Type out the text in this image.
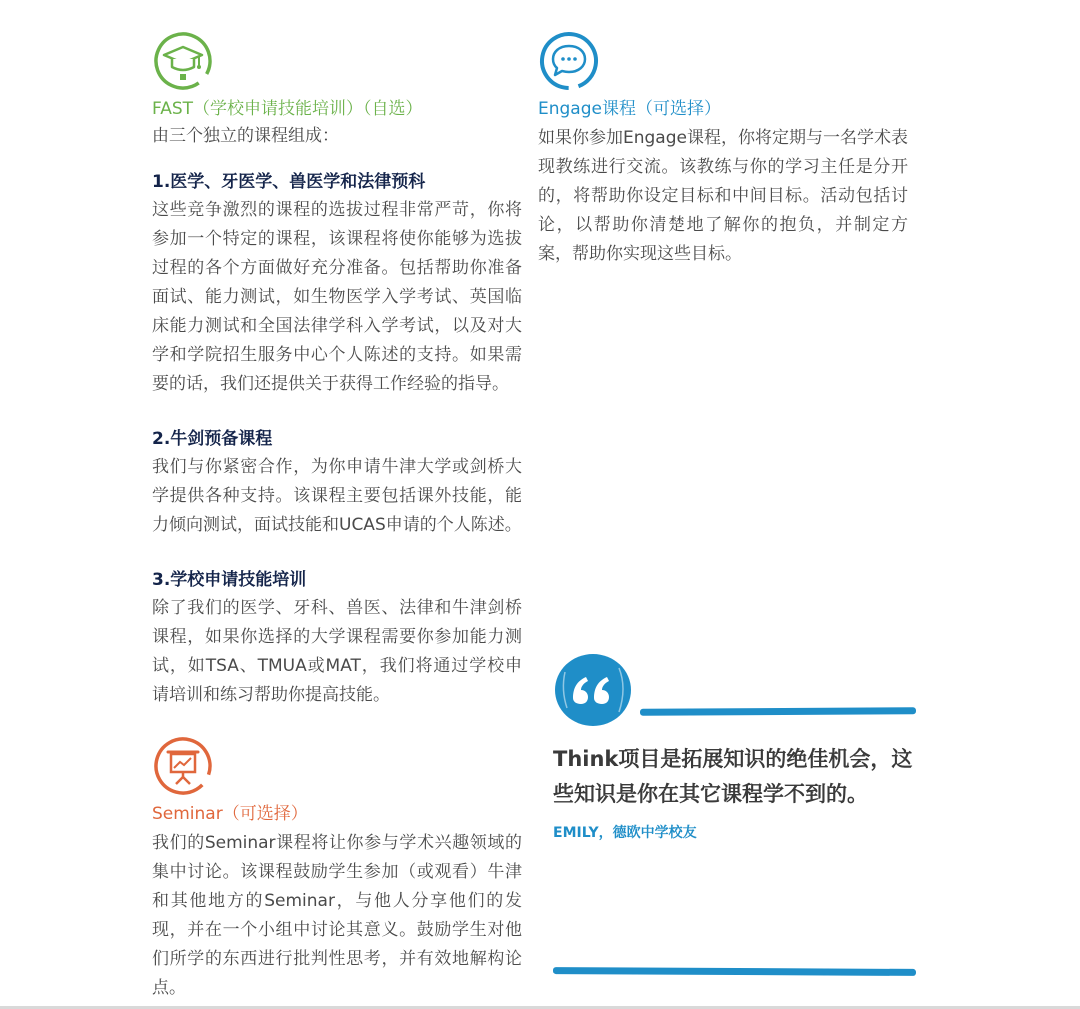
FAST（学校申请技能培训）（自选）

由三个独立的课程组成：

1.医学、牙医学、兽医学和法律预科

这些竞争激烈的课程的选拔过程非常严苛，你将参加一个特定的课程，该课程将使你能够为选拔过程的各个方面做好充分准备。包括帮助你准备面试、能力测试，如生物医学入学考试、英国临床能力测试和全国法律学科入学考试，以及对大学和学院招生服务中心个人陈述的支持。如果需要的话，我们还提供关于获得工作经验的指导。

2.牛剑预备课程

我们与你紧密合作，为你申请牛津大学或剑桥大学提供各种支持。该课程主要包括课外技能，能力倾向测试，面试技能和UCAS申请的个人陈述。

3.学校申请技能培训

除了我们的医学、牙科、兽医、法律和牛津剑桥课程，如果你选择的大学课程需要你参加能力测试，如TSA、TMUA或MAT，我们将通过学校申请培训和练习帮助你提高技能。

Seminar（可选择）

我们的Seminar课程将让你参与学术兴趣领域的集中讨论。该课程鼓励学生参加（或观看）牛津和其他地方的Seminar，与他人分享他们的发现，并在一个小组中讨论其意义。鼓励学生对他们所学的东西进行批判性思考，并有效地解构论点。

Engage课程（可选择）

如果你参加Engage课程，你将定期与一名学术表现教练进行交流。该教练与你的学习主任是分开的，将帮助你设定目标和中间目标。活动包括讨论，以帮助你清楚地了解你的抱负，并制定方案，帮助你实现这些目标。

Think项目是拓展知识的绝佳机会，这些知识是你在其它课程学不到的。

EMILY，德欧中学校友
